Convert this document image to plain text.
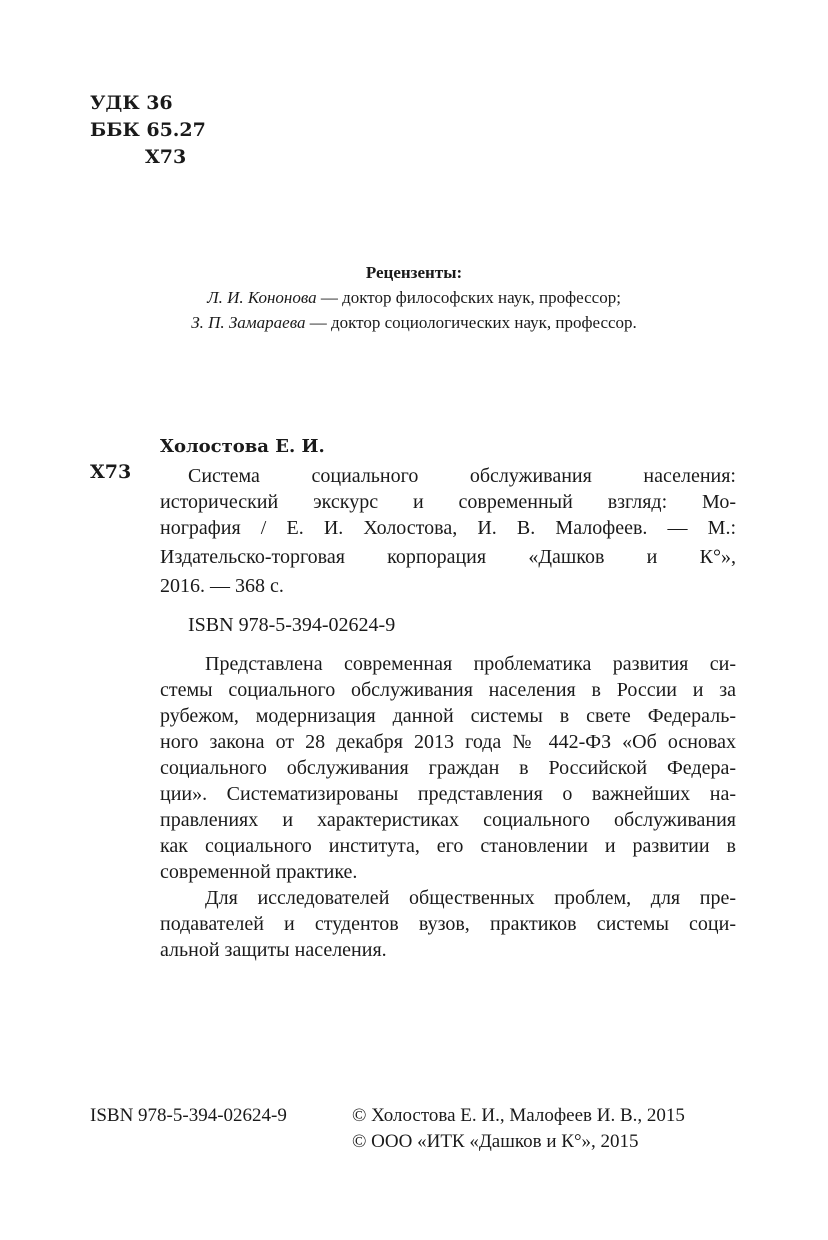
УДК 36
ББК 65.27
Х73
Рецензенты:
Л. И. Кононова — доктор философских наук, профессор;
З. П. Замараева — доктор социологических наук, профессор.
Холостова Е. И.
Х73	Система социального обслуживания населения:
исторический экскурс и современный взгляд: Мо-
нография / Е. И. Холостова, И. В. Малофеев. — М.:
Издательско-торговая корпорация «Дашков и К°»,
2016. — 368 с.
ISBN 978-5-394-02624-9
Представлена современная проблематика развития си-
стемы социального обслуживания населения в России и за
рубежом, модернизация данной системы в свете Федераль-
ного закона от 28 декабря 2013 года № 442-ФЗ «Об основах
социального обслуживания граждан в Российской Федера-
ции». Систематизированы представления о важнейших на-
правлениях и характеристиках социального обслуживания
как социального института, его становлении и развитии в
современной практике.
Для исследователей общественных проблем, для пре-
подавателей и студентов вузов, практиков системы соци-
альной защиты населения.
ISBN 978-5-394-02624-9	© Холостова Е. И., Малофеев И. В., 2015
© ООО «ИТК «Дашков и К°», 2015
